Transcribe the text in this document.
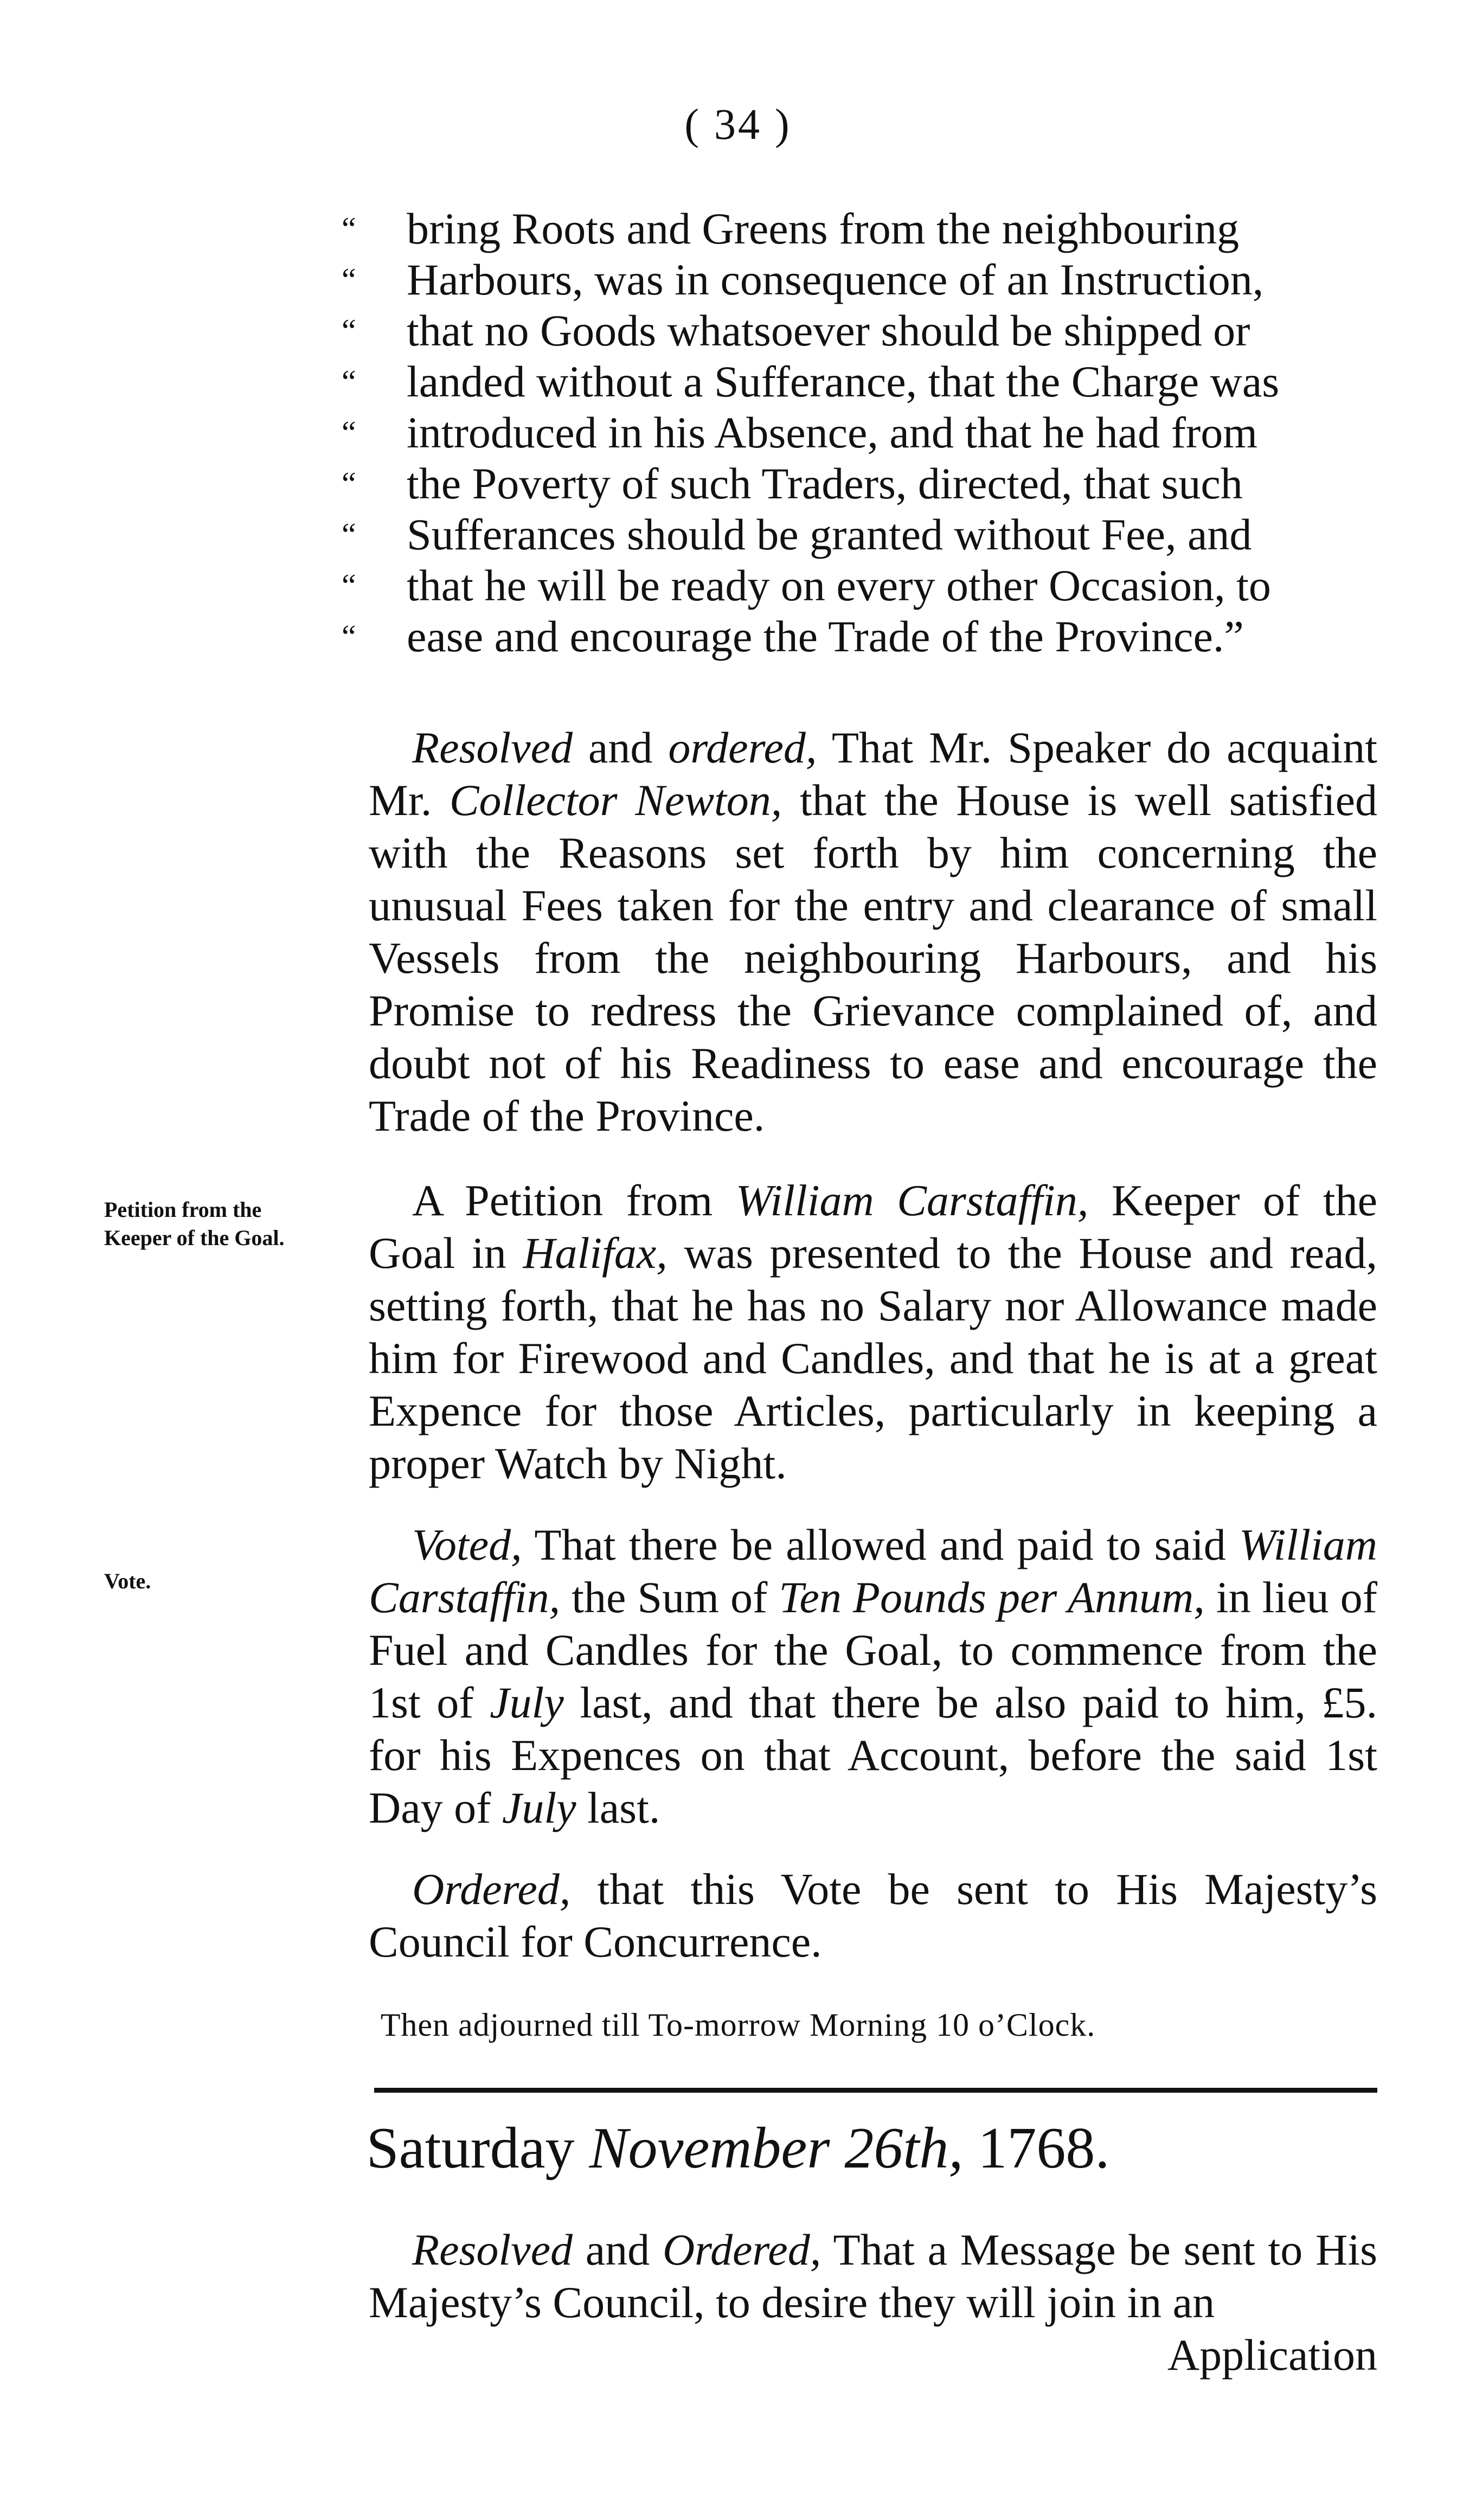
( 34 )
“ bring Roots and Greens from the neighbouring
“ Harbours, was in consequence of an Instruction,
“ that no Goods whatsoever should be shipped or
“ landed without a Sufferance, that the Charge was
“ introduced in his Absence, and that he had from
“ the Poverty of such Traders, directed, that such
“ Sufferances should be granted without Fee, and
“ that he will be ready on every other Occasion, to
“ ease and encourage the Trade of the Province.”
Resolved and ordered, That Mr. Speaker do acquaint Mr. Collector Newton, that the House is well satisfied with the Reasons set forth by him concerning the unusual Fees taken for the entry and clearance of small Vessels from the neighbouring Harbours, and his Promise to redress the Grievance complained of, and doubt not of his Readiness to ease and encourage the Trade of the Province.
Petition from the
Keeper of the Goal.
A Petition from William Carstaffin, Keeper of the Goal in Halifax, was presented to the House and read, setting forth, that he has no Salary nor Allowance made him for Firewood and Candles, and that he is at a great Expence for those Articles, particularly in keeping a proper Watch by Night.
Vote.
Voted, That there be allowed and paid to said William Carstaffin, the Sum of Ten Pounds per Annum, in lieu of Fuel and Candles for the Goal, to commence from the 1st of July last, and that there be also paid to him, £5. for his Expences on that Account, before the said 1st Day of July last.
Ordered, that this Vote be sent to His Majesty’s Council for Concurrence.
Then adjourned till To-morrow Morning 10 o’Clock.
Saturday November 26th, 1768.
Resolved and Ordered, That a Message be sent to His Majesty’s Council, to desire they will join in an
Application
